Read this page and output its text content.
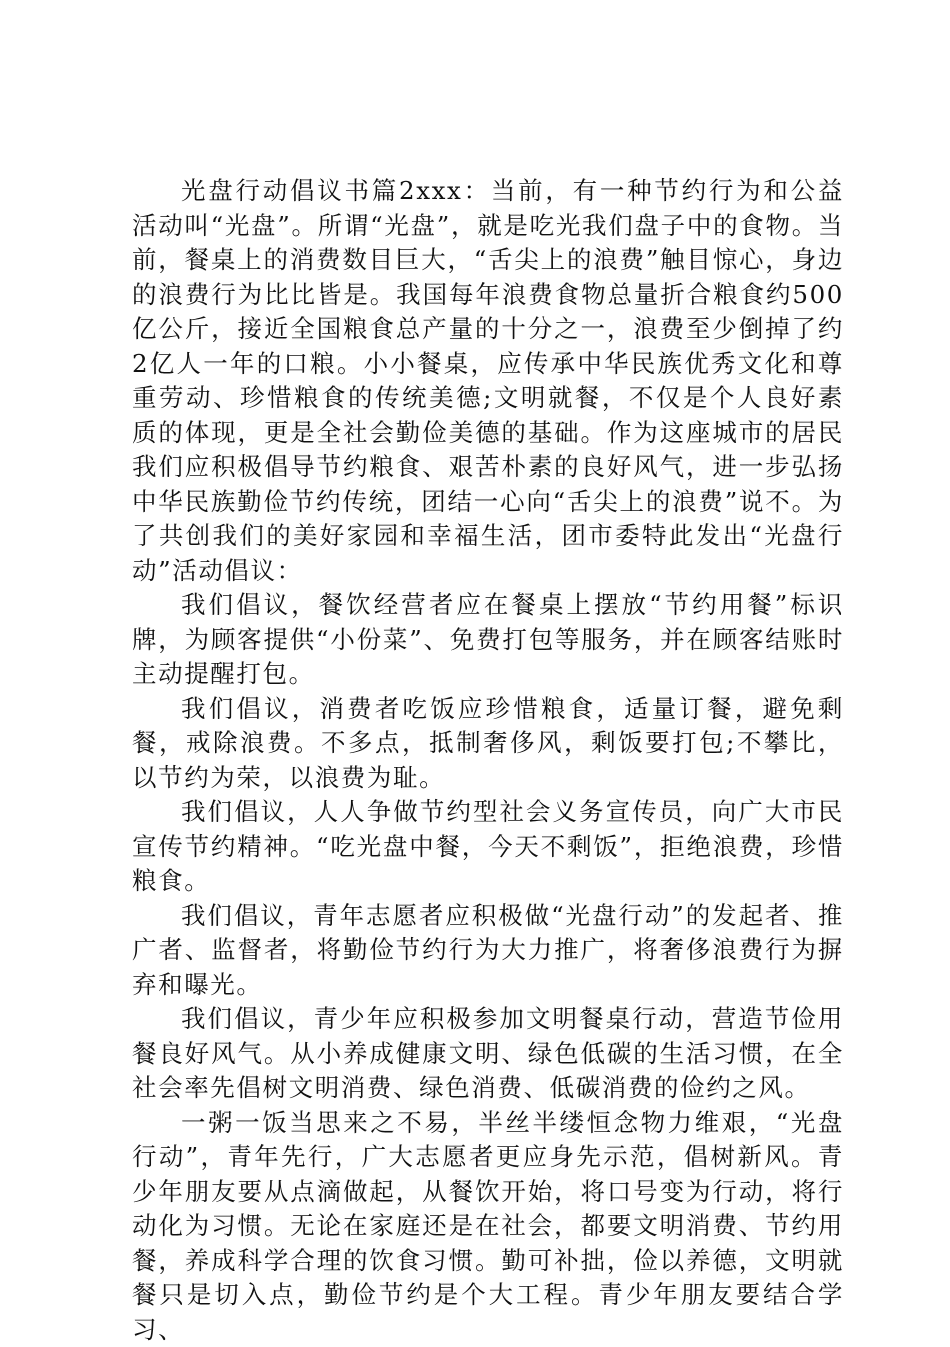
光盘行动倡议书篇2xxx：当前，有一种节约行为和公益活动叫“光盘”。所谓“光盘”，就是吃光我们盘子中的食物。当前，餐桌上的消费数目巨大，“舌尖上的浪费”触目惊心，身边的浪费行为比比皆是。我国每年浪费食物总量折合粮食约500亿公斤，接近全国粮食总产量的十分之一，浪费至少倒掉了约2亿人一年的口粮。小小餐桌，应传承中华民族优秀文化和尊重劳动、珍惜粮食的传统美德;文明就餐，不仅是个人良好素质的体现，更是全社会勤俭美德的基础。作为这座城市的居民我们应积极倡导节约粮食、艰苦朴素的良好风气，进一步弘扬中华民族勤俭节约传统，团结一心向“舌尖上的浪费”说不。为了共创我们的美好家园和幸福生活，团市委特此发出“光盘行动”活动倡议：

我们倡议，餐饮经营者应在餐桌上摆放“节约用餐”标识牌，为顾客提供“小份菜”、免费打包等服务，并在顾客结账时主动提醒打包。

我们倡议，消费者吃饭应珍惜粮食，适量订餐，避免剩餐，戒除浪费。不多点，抵制奢侈风，剩饭要打包;不攀比，以节约为荣，以浪费为耻。

我们倡议，人人争做节约型社会义务宣传员，向广大市民宣传节约精神。“吃光盘中餐，今天不剩饭”，拒绝浪费，珍惜粮食。

我们倡议，青年志愿者应积极做“光盘行动”的发起者、推广者、监督者，将勤俭节约行为大力推广，将奢侈浪费行为摒弃和曝光。

我们倡议，青少年应积极参加文明餐桌行动，营造节俭用餐良好风气。从小养成健康文明、绿色低碳的生活习惯，在全社会率先倡树文明消费、绿色消费、低碳消费的俭约之风。

一粥一饭当思来之不易，半丝半缕恒念物力维艰，“光盘行动”，青年先行，广大志愿者更应身先示范，倡树新风。青少年朋友要从点滴做起，从餐饮开始，将口号变为行动，将行动化为习惯。无论在家庭还是在社会，都要文明消费、节约用餐，养成科学合理的饮食习惯。勤可补拙，俭以养德，文明就餐只是切入点，勤俭节约是个大工程。青少年朋友要结合学习、
